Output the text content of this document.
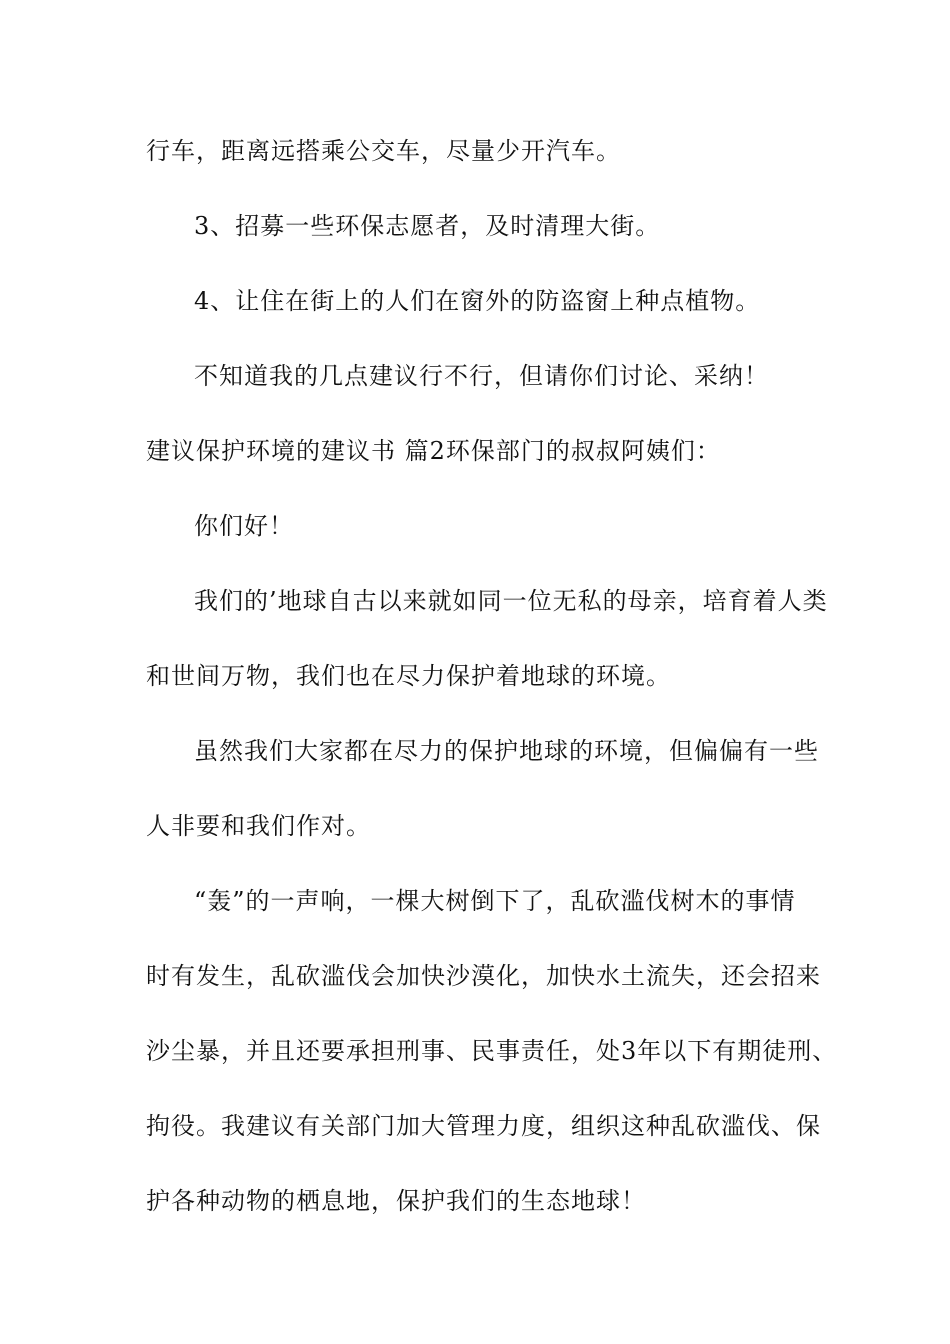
行车，距离远搭乘公交车，尽量少开汽车。
3、招募一些环保志愿者，及时清理大街。
4、让住在街上的人们在窗外的防盗窗上种点植物。
不知道我的几点建议行不行，但请你们讨论、采纳！
建议保护环境的建议书 篇2环保部门的叔叔阿姨们：
你们好！
我们的’地球自古以来就如同一位无私的母亲，培育着人类
和世间万物，我们也在尽力保护着地球的环境。
虽然我们大家都在尽力的保护地球的环境，但偏偏有一些
人非要和我们作对。
“轰”的一声响，一棵大树倒下了，乱砍滥伐树木的事情
时有发生，乱砍滥伐会加快沙漠化，加快水土流失，还会招来
沙尘暴，并且还要承担刑事、民事责任，处3年以下有期徒刑、
拘役。我建议有关部门加大管理力度，组织这种乱砍滥伐、保
护各种动物的栖息地，保护我们的生态地球！
